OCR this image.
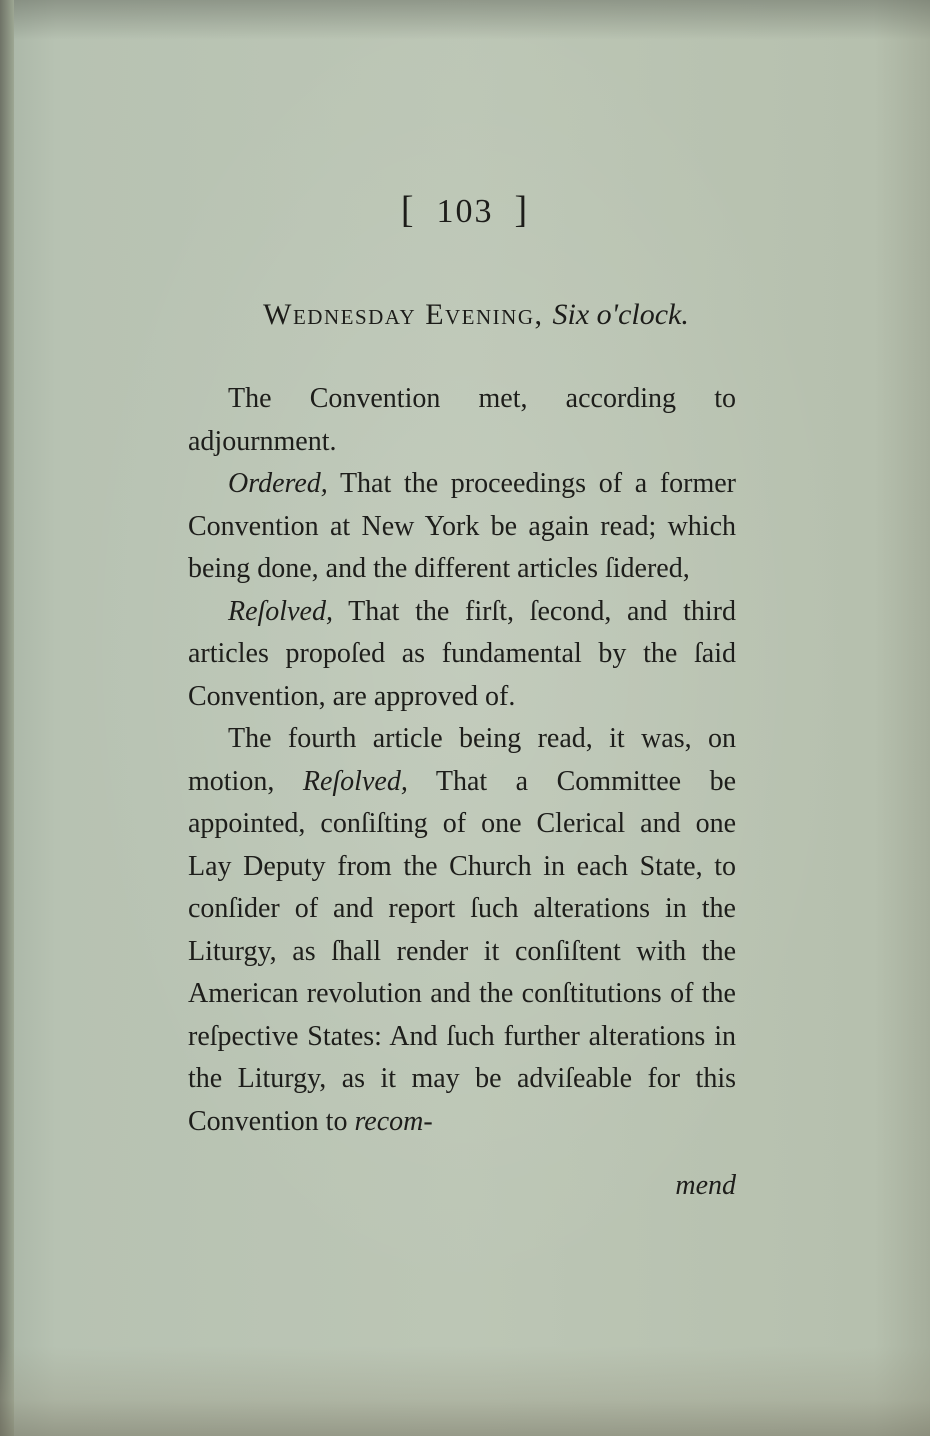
[ 103 ]
Wednesday Evening, Six o'clock.

The Convention met, according to adjournment.

Ordered, That the proceedings of a former Convention at New York be again read; which being done, and the different articles ſidered,

Reſolved, That the firſt, ſecond, and third articles propoſed as fundamental by the ſaid Convention, are approved of.

The fourth article being read, it was, on motion, Reſolved, That a Committee be appointed, conſiſting of one Clerical and one Lay Deputy from the Church in each State, to conſider of and report ſuch alterations in the Liturgy, as ſhall render it conſiſtent with the American revolution and the conſtitutions of the reſpective States: And ſuch further alterations in the Liturgy, as it may be adviſeable for this Convention to recom-

mend
